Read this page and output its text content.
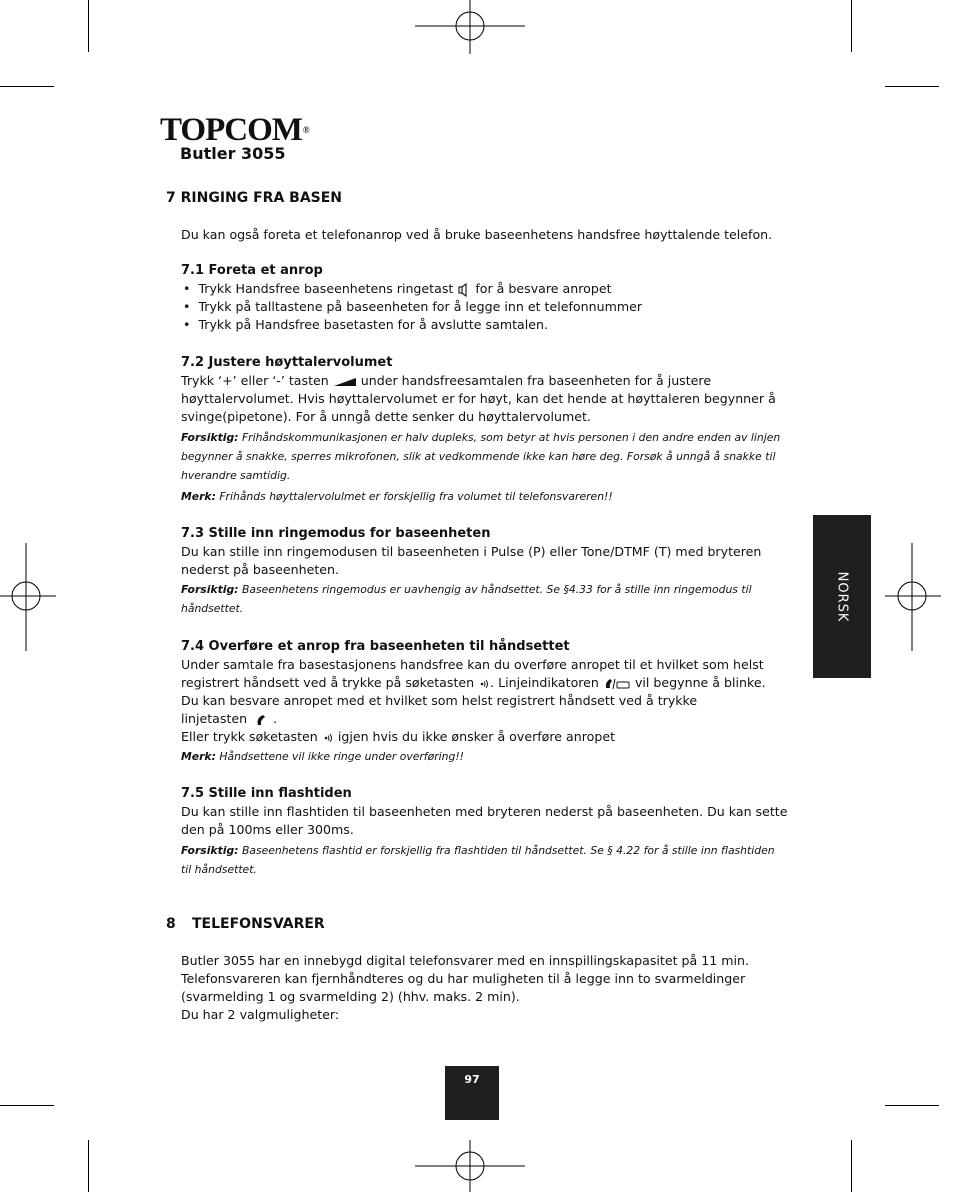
TOPCOM®
Butler 3055
NORSK
7 RINGING FRA BASEN
Du kan også foreta et telefonanrop ved å bruke baseenhetens handsfree høyttalende telefon.
7.1 Foreta et anrop
•  Trykk Handsfree baseenhetens ringetast for å besvare anropet
•  Trykk på talltastene på baseenheten for å legge inn et telefonnummer
•  Trykk på Handsfree basetasten for å avslutte samtalen.
7.2 Justere høyttalervolumet
Trykk ‘+’ eller ‘-’ tasten	under handsfreesamtalen fra baseenheten for å justere
høyttalervolumet. Hvis høyttalervolumet er for høyt, kan det hende at høyttaleren begynner å
svinge(pipetone). For å unngå dette senker du høyttalervolumet.
Forsiktig: Frihåndskommunikasjonen er halv dupleks, som betyr at hvis personen i den andre enden av linjen
begynner å snakke, sperres mikrofonen, slik at vedkommende ikke kan høre deg. Forsøk å unngå å snakke til
hverandre samtidig.
Merk: Frihånds høyttalervolulmet er forskjellig fra volumet til telefonsvareren!!
7.3 Stille inn ringemodus for baseenheten
Du kan stille inn ringemodusen til baseenheten i Pulse (P) eller Tone/DTMF (T) med bryteren
nederst på baseenheten.
Forsiktig: Baseenhetens ringemodus er uavhengig av håndsettet. Se §4.33 for å stille inn ringemodus til
håndsettet.
7.4 Overføre et anrop fra baseenheten til håndsettet
Under samtale fra basestasjonens handsfree kan du overføre anropet til et hvilket som helst
registrert håndsett ved å trykke på søketasten . Linjeindikatoren	vil begynne å blinke.
Du kan besvare anropet med et hvilket som helst registrert håndsett ved å trykke
linjetasten .
Eller trykk søketasten igjen hvis du ikke ønsker å overføre anropet
Merk: Håndsettene vil ikke ringe under overføring!!
7.5 Stille inn flashtiden
Du kan stille inn flashtiden til baseenheten med bryteren nederst på baseenheten. Du kan sette
den på 100ms eller 300ms.
Forsiktig: Baseenhetens flashtid er forskjellig fra flashtiden til håndsettet. Se § 4.22 for å stille inn flashtiden
til håndsettet.
8 TELEFONSVARER
Butler 3055 har en innebygd digital telefonsvarer med en innspillingskapasitet på 11 min.
Telefonsvareren kan fjernhåndteres og du har muligheten til å legge inn to svarmeldinger
(svarmelding 1 og svarmelding 2) (hhv. maks. 2 min).
Du har 2 valgmuligheter:
97
